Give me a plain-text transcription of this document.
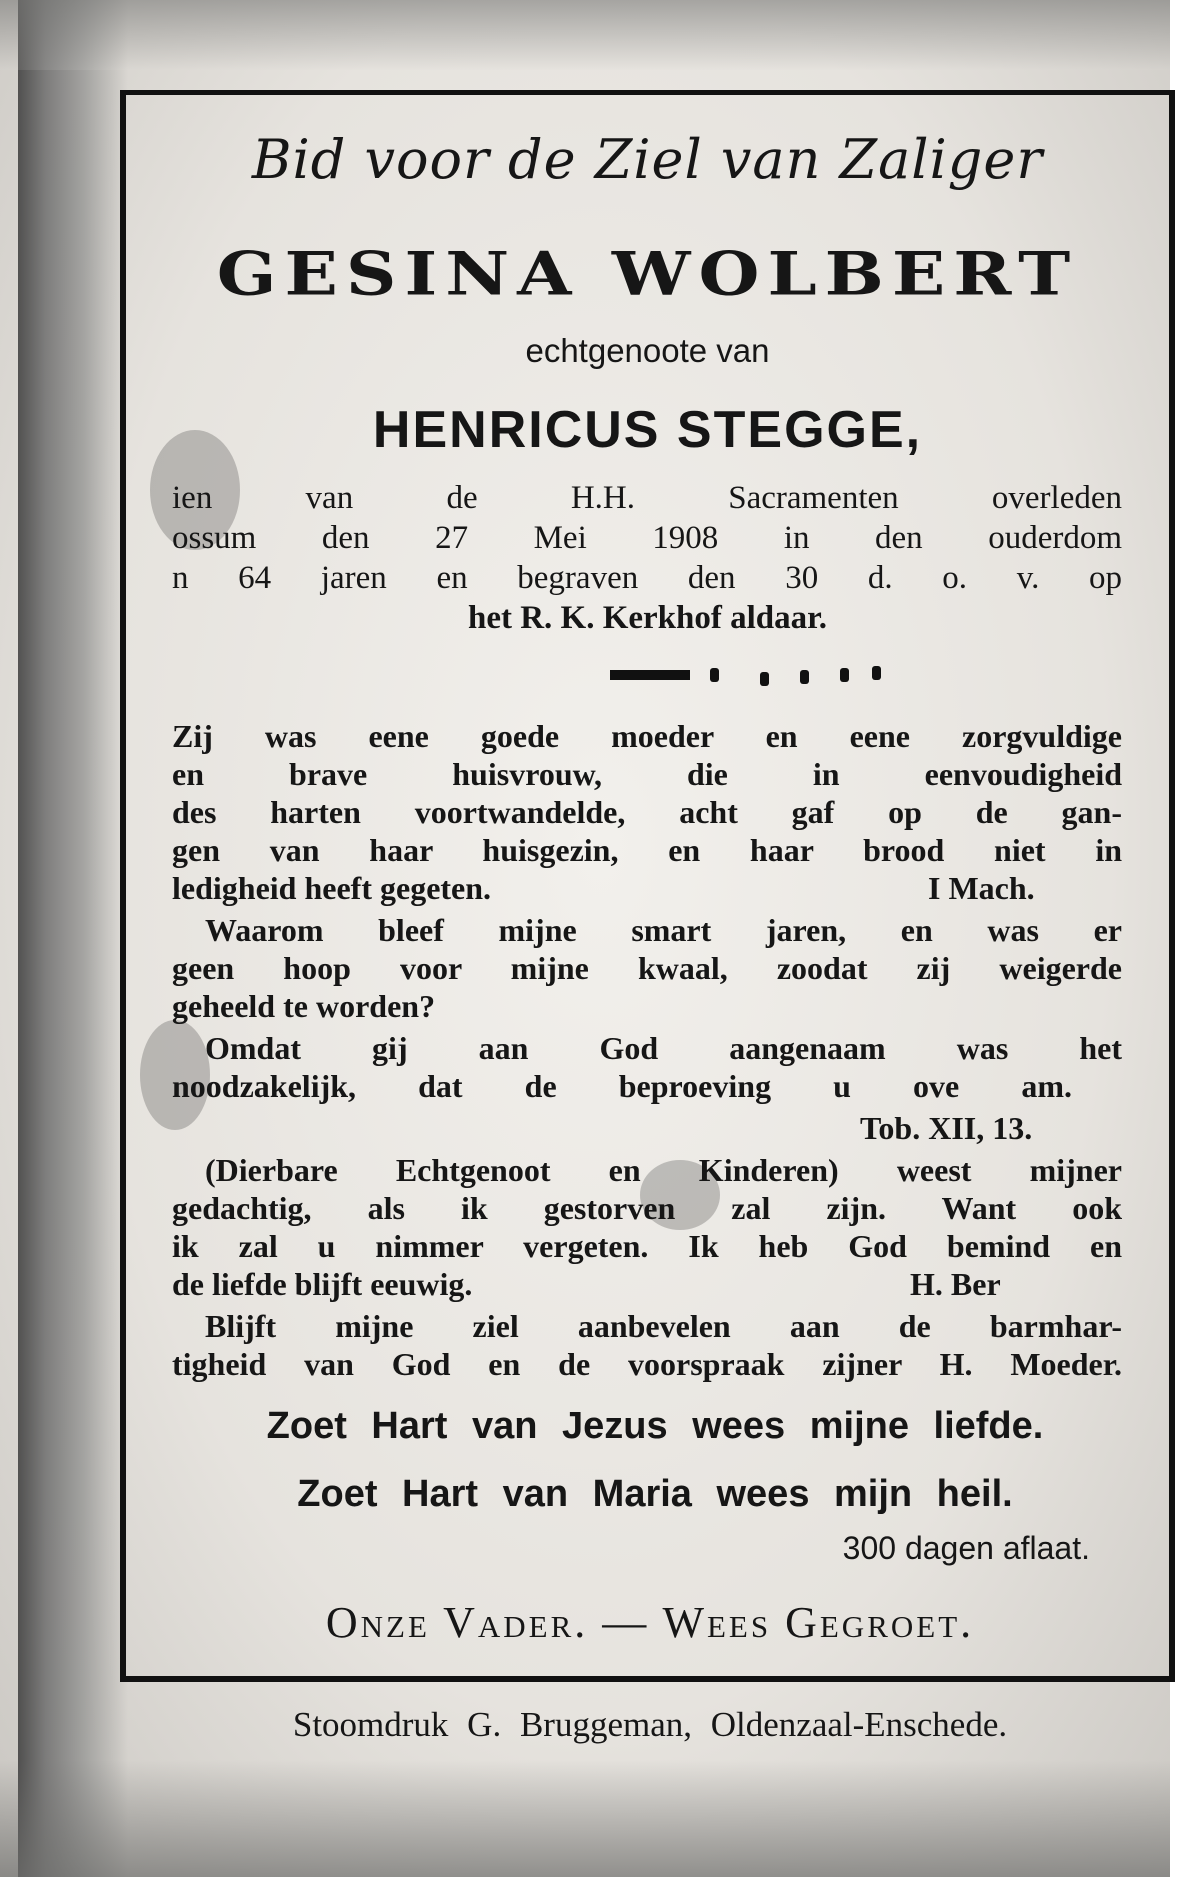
Bid voor de Ziel van Zaliger
GESINA WOLBERT
echtgenoote van
HENRICUS STEGGE,
ien van de H.H. Sacramenten overleden
ossum den 27 Mei 1908 in den ouderdom
n 64 jaren en begraven den 30 d. o. v. op
het R. K. Kerkhof aldaar.
Zij was eene goede moeder en eene zorgvuldige
en brave huisvrouw, die in eenvoudigheid
des harten voortwandelde, acht gaf op de gan-
gen van haar huisgezin, en haar brood niet in
ledigheid heeft gegeten.	I Mach.
Waarom bleef mijne smart jaren, en was er
geen hoop voor mijne kwaal, zoodat zij weigerde
geheeld te worden?
Omdat gij aan God aangenaam was het
noodzakelijk, dat de beproeving u ove am.
Tob. XII, 13.
(Dierbare Echtgenoot en Kinderen) weest mijner
gedachtig, als ik gestorven zal zijn. Want ook
ik zal u nimmer vergeten. Ik heb God bemind en
de liefde blijft eeuwig.	H. Ber
Blijft mijne ziel aanbevelen aan de barmhar-
tigheid van God en de voorspraak zijner H. Moeder.
Zoet Hart van Jezus wees mijne liefde.
Zoet Hart van Maria wees mijn heil.
300 dagen aflaat.
Onze Vader. — Wees Gegroet.
Stoomdruk G. Bruggeman, Oldenzaal-Enschede.
